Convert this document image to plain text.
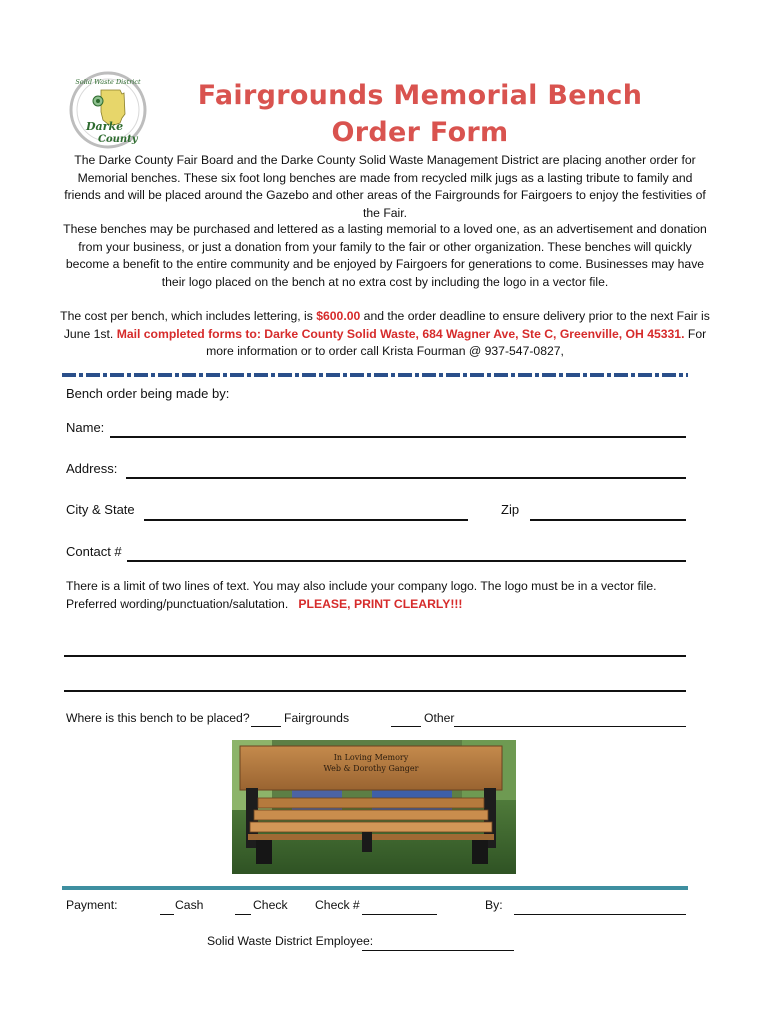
Solid Waste District
Darke
County
Fairgrounds Memorial Bench
Order Form
The Darke County Fair Board and the Darke County Solid Waste Management District are placing another order for Memorial benches. These six foot long benches are made from recycled milk jugs as a lasting tribute to family and friends and will be placed around the Gazebo and other areas of the Fairgrounds for Fairgoers to enjoy the festivities of the Fair.
These benches may be purchased and lettered as a lasting memorial to a loved one, as an advertisement and donation from your business, or just a donation from your family to the fair or other organization. These benches will quickly become a benefit to the entire community and be enjoyed by Fairgoers for generations to come. Businesses may have their logo placed on the bench at no extra cost by including the logo in a vector file.
The cost per bench, which includes lettering, is $600.00 and the order deadline to ensure delivery prior to the next Fair is June 1st. Mail completed forms to: Darke County Solid Waste, 684 Wagner Ave, Ste C, Greenville, OH 45331. For more information or to order call Krista Fourman @ 937-547-0827,
Bench order being made by:
Name:
Address:
City & State	Zip
Contact #
There is a limit of two lines of text. You may also include your company logo. The logo must be in a vector file.
Preferred wording/punctuation/salutation. PLEASE, PRINT CLEARLY!!!
Where is this bench to be placed?	Fairgrounds	Other
In Loving Memory
Web & Dorothy Ganger
Payment:	Cash	Check Check #	By:
Solid Waste District Employee:
